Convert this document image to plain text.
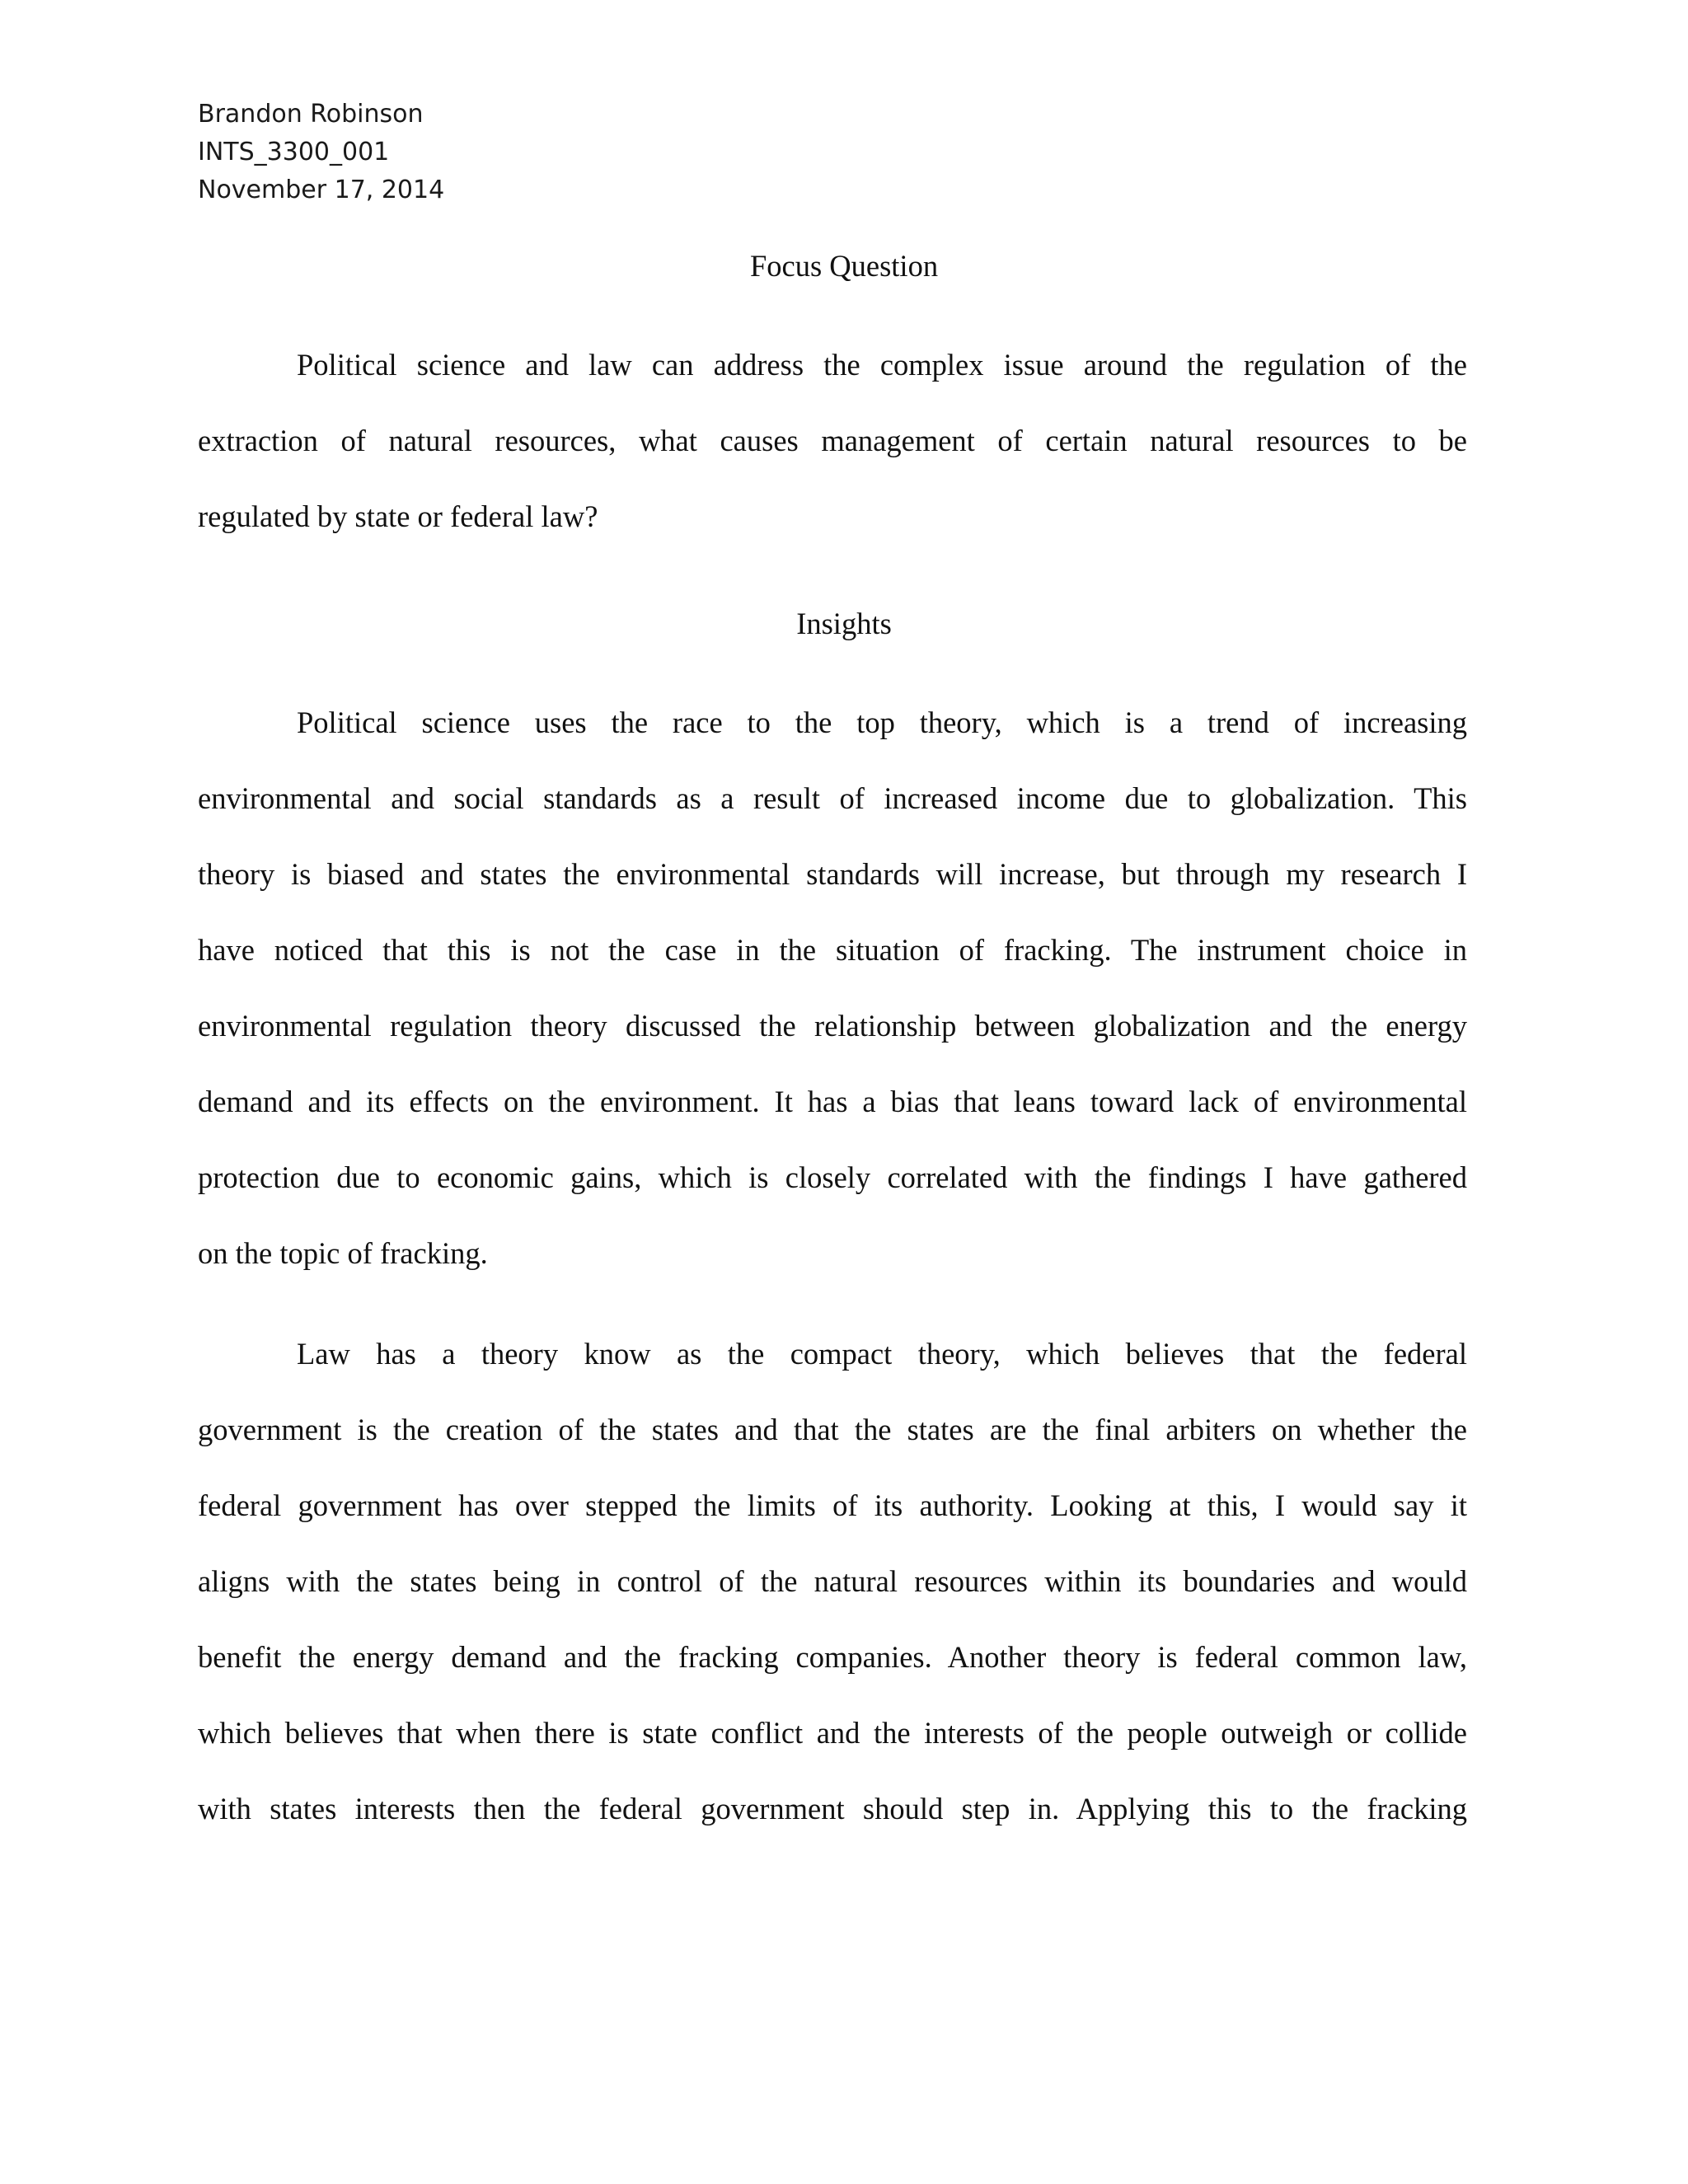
Brandon Robinson
INTS_3300_001
November 17, 2014
Focus Question

Political science and law can address the complex issue around the regulation of the

extraction of natural resources, what causes management of certain natural resources to be

regulated by state or federal law?

Insights

Political science uses the race to the top theory, which is a trend of increasing

environmental and social standards as a result of increased income due to globalization. This

theory is biased and states the environmental standards will increase, but through my research I

have noticed that this is not the case in the situation of fracking. The instrument choice in

environmental regulation theory discussed the relationship between globalization and the energy

demand and its effects on the environment. It has a bias that leans toward lack of environmental

protection due to economic gains, which is closely correlated with the findings I have gathered

on the topic of fracking.

Law has a theory know as the compact theory, which believes that the federal

government is the creation of the states and that the states are the final arbiters on whether the

federal government has over stepped the limits of its authority. Looking at this, I would say it

aligns with the states being in control of the natural resources within its boundaries and would

benefit the energy demand and the fracking companies. Another theory is federal common law,

which believes that when there is state conflict and the interests of the people outweigh or collide

with states interests then the federal government should step in. Applying this to the fracking
